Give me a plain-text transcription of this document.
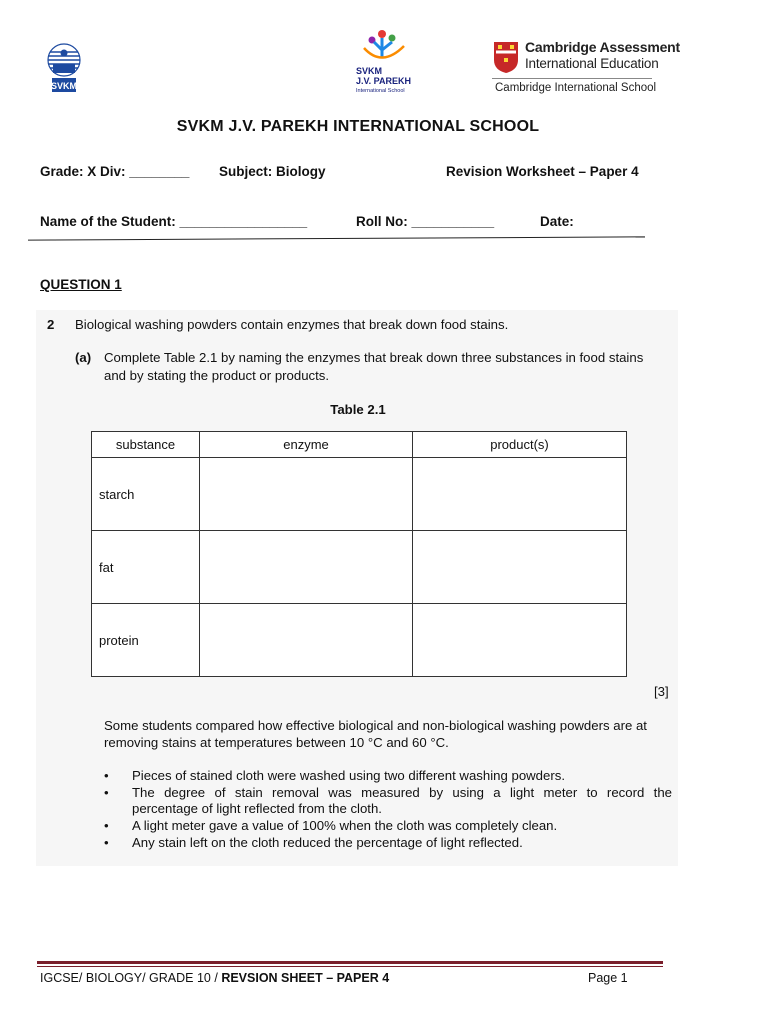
SVKM
SVKM
J.V. PAREKH
International School
Cambridge Assessment
International Education
Cambridge International School
SVKM J.V. PAREKH INTERNATIONAL SCHOOL
Grade: X Div: ________ Subject: Biology	Revision Worksheet – Paper 4
Name of the Student: _________________	Roll No: ___________	Date:
QUESTION 1
2 Biological washing powders contain enzymes that break down food stains.
(a) Complete Table 2.1 by naming the enzymes that break down three substances in food stains
and by stating the product or products.
Table 2.1
substance	enzyme	product(s)
starch		
fat		
protein		
[3]
Some students compared how effective biological and non-biological washing powders are at
removing stains at temperatures between 10 °C and 60 °C.
• Pieces of stained cloth were washed using two different washing powders.
• The degree of stain removal was measured by using a light meter to record the
percentage of light reflected from the cloth.
• A light meter gave a value of 100% when the cloth was completely clean.
• Any stain left on the cloth reduced the percentage of light reflected.
IGCSE/ BIOLOGY/ GRADE 10 / REVSION SHEET – PAPER 4	Page 1
